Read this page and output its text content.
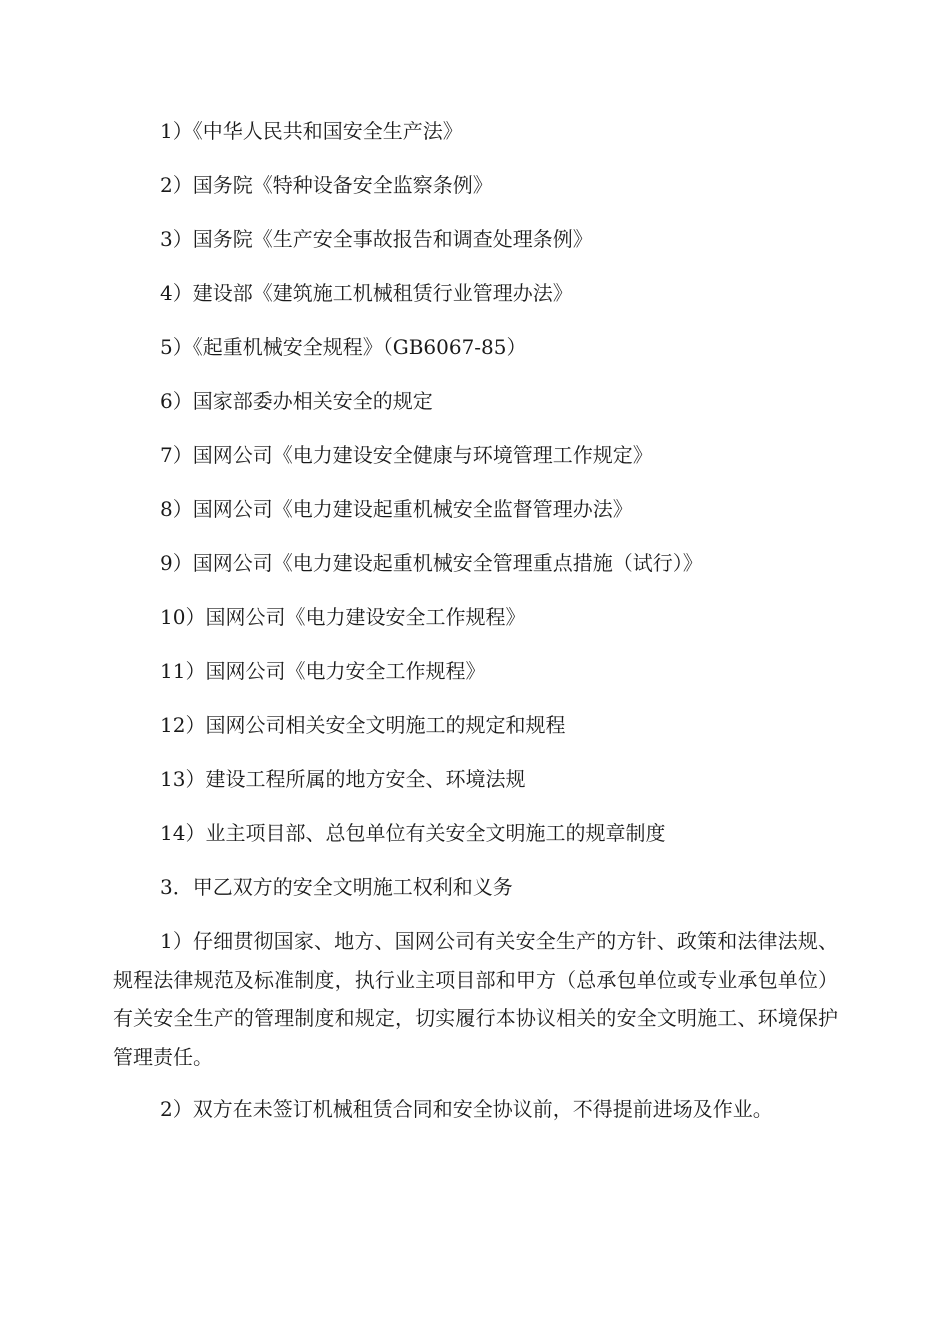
1）《中华人民共和国安全生产法》
2）国务院《特种设备安全监察条例》
3）国务院《生产安全事故报告和调查处理条例》
4）建设部《建筑施工机械租赁行业管理办法》
5）《起重机械安全规程》（GB6067-85）
6）国家部委办相关安全的规定
7）国网公司《电力建设安全健康与环境管理工作规定》
8）国网公司《电力建设起重机械安全监督管理办法》
9）国网公司《电力建设起重机械安全管理重点措施（试行）》
10）国网公司《电力建设安全工作规程》
11）国网公司《电力安全工作规程》
12）国网公司相关安全文明施工的规定和规程
13）建设工程所属的地方安全、环境法规
14）业主项目部、总包单位有关安全文明施工的规章制度
3．甲乙双方的安全文明施工权利和义务
1）仔细贯彻国家、地方、国网公司有关安全生产的方针、政策和法律法规、规程法律规范及标准制度，执行业主项目部和甲方（总承包单位或专业承包单位）有关安全生产的管理制度和规定，切实履行本协议相关的安全文明施工、环境保护管理责任。
2）双方在未签订机械租赁合同和安全协议前，不得提前进场及作业。
